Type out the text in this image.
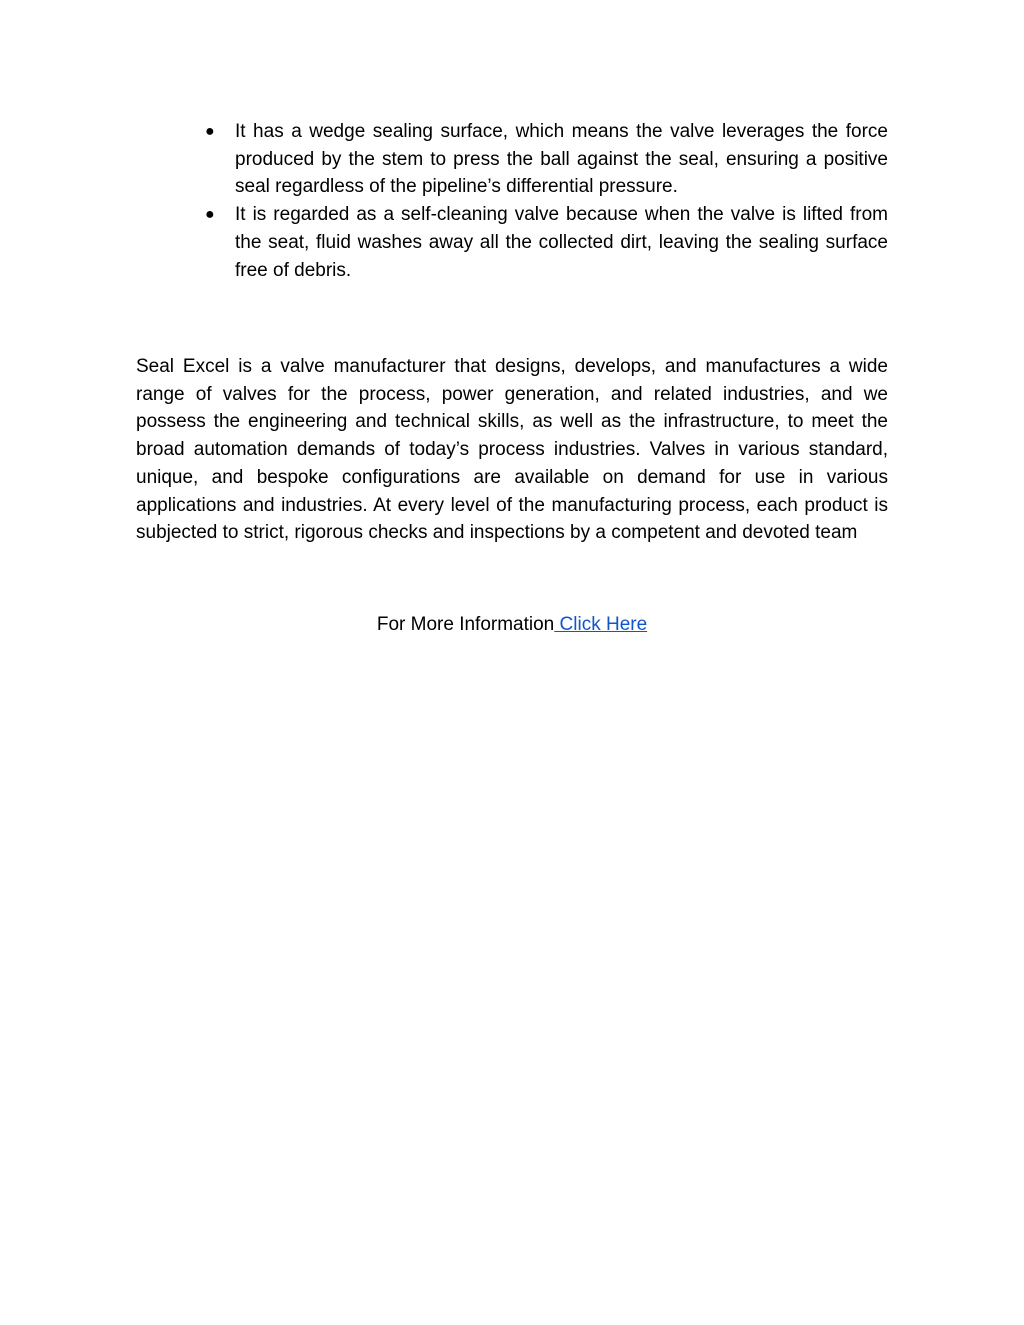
● It has a wedge sealing surface, which means the valve leverages the force produced by the stem to press the ball against the seal, ensuring a positive seal regardless of the pipeline’s differential pressure.
● It is regarded as a self-cleaning valve because when the valve is lifted from the seat, fluid washes away all the collected dirt, leaving the sealing surface free of debris.

Seal Excel is a valve manufacturer that designs, develops, and manufactures a wide range of valves for the process, power generation, and related industries, and we possess the engineering and technical skills, as well as the infrastructure, to meet the broad automation demands of today’s process industries. Valves in various standard, unique, and bespoke configurations are available on demand for use in various applications and industries. At every level of the manufacturing process, each product is subjected to strict, rigorous checks and inspections by a competent and devoted team

For More Information Click Here
